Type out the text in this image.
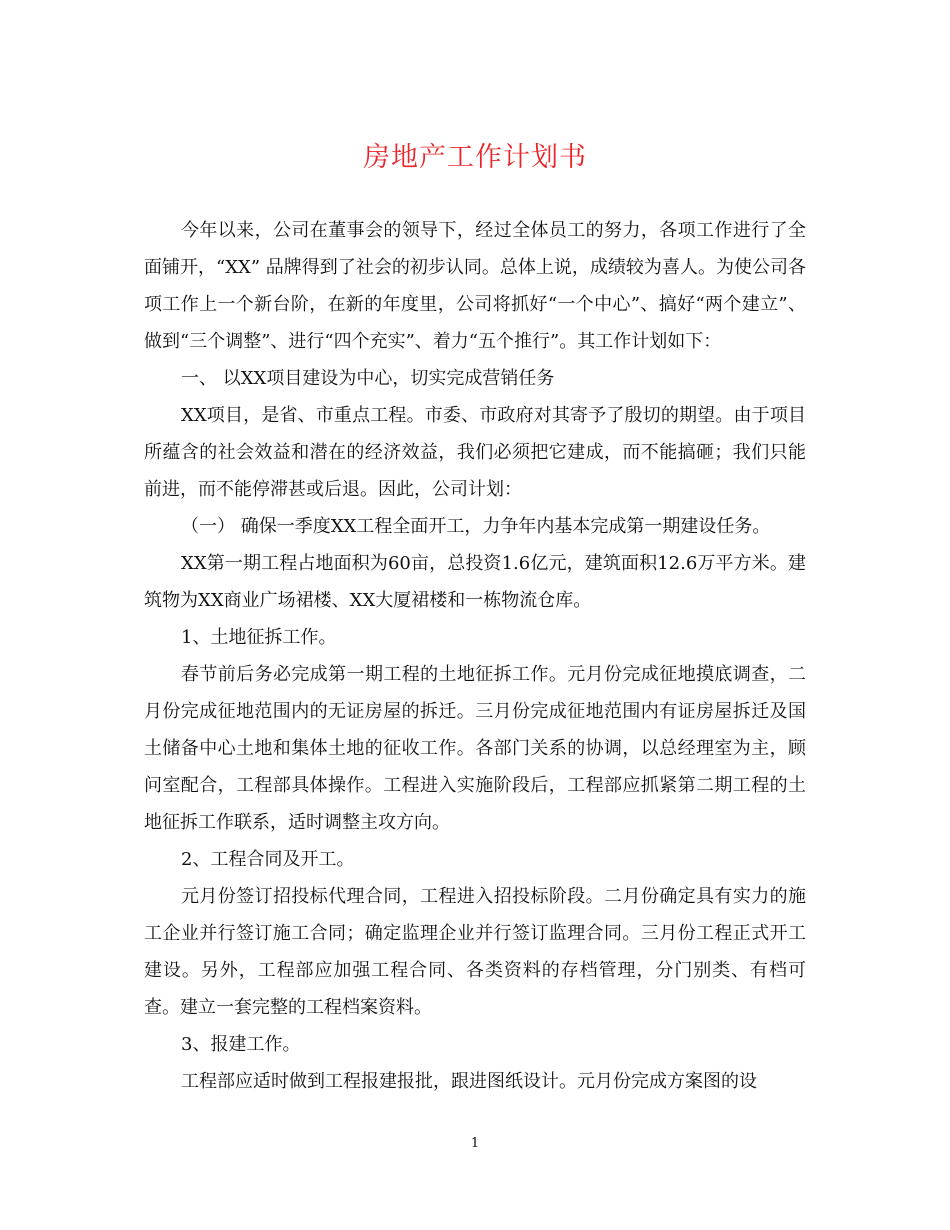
房地产工作计划书

今年以来，公司在董事会的领导下，经过全体员工的努力，各项工作进行了全面铺开，“XX” 品牌得到了社会的初步认同。总体上说，成绩较为喜人。为使公司各项工作上一个新台阶，在新的年度里，公司将抓好“一个中心”、搞好“两个建立”、做到“三个调整”、进行“四个充实”、着力“五个推行”。其工作计划如下：

一、 以XX项目建设为中心，切实完成营销任务

XX项目，是省、市重点工程。市委、市政府对其寄予了殷切的期望。由于项目所蕴含的社会效益和潜在的经济效益，我们必须把它建成，而不能搞砸；我们只能前进，而不能停滞甚或后退。因此，公司计划：

（一） 确保一季度XX工程全面开工，力争年内基本完成第一期建设任务。

XX第一期工程占地面积为60亩，总投资1.6亿元，建筑面积12.6万平方米。建筑物为XX商业广场裙楼、XX大厦裙楼和一栋物流仓库。

1、土地征拆工作。

春节前后务必完成第一期工程的土地征拆工作。元月份完成征地摸底调查，二月份完成征地范围内的无证房屋的拆迁。三月份完成征地范围内有证房屋拆迁及国土储备中心土地和集体土地的征收工作。各部门关系的协调，以总经理室为主，顾问室配合，工程部具体操作。工程进入实施阶段后，工程部应抓紧第二期工程的土地征拆工作联系，适时调整主攻方向。

2、工程合同及开工。

元月份签订招投标代理合同，工程进入招投标阶段。二月份确定具有实力的施工企业并行签订施工合同；确定监理企业并行签订监理合同。三月份工程正式开工建设。另外，工程部应加强工程合同、各类资料的存档管理，分门别类、有档可查。建立一套完整的工程档案资料。

3、报建工作。

工程部应适时做到工程报建报批，跟进图纸设计。元月份完成方案图的设

1
